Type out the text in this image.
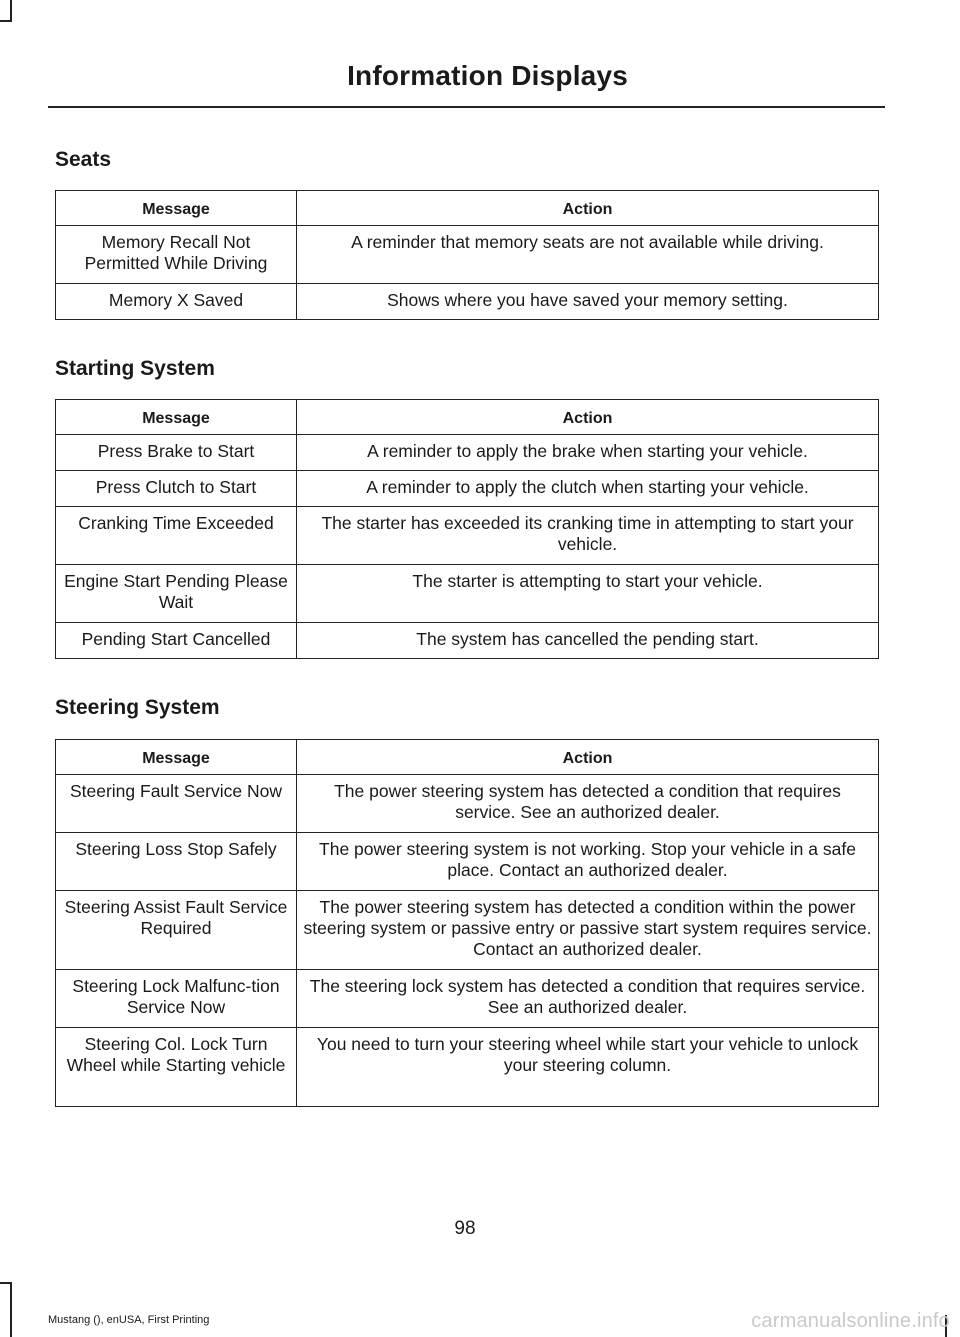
Information Displays
Seats
Message	Action
Memory Recall Not Permitted While Driving	A reminder that memory seats are not available while driving.
Memory X Saved	Shows where you have saved your memory setting.
Starting System
Message	Action
Press Brake to Start	A reminder to apply the brake when starting your vehicle.
Press Clutch to Start	A reminder to apply the clutch when starting your vehicle.
Cranking Time Exceeded	The starter has exceeded its cranking time in attempting to start your vehicle.
Engine Start Pending Please Wait	The starter is attempting to start your vehicle.
Pending Start Cancelled	The system has cancelled the pending start.
Steering System
Message	Action
Steering Fault Service Now	The power steering system has detected a condition that requires service. See an authorized dealer.
Steering Loss Stop Safely	The power steering system is not working. Stop your vehicle in a safe place. Contact an authorized dealer.
Steering Assist Fault Service Required	The power steering system has detected a condition within the power steering system or passive entry or passive start system requires service. Contact an authorized dealer.
Steering Lock Malfunc-tion Service Now	The steering lock system has detected a condition that requires service. See an authorized dealer.
Steering Col. Lock Turn Wheel while Starting vehicle	You need to turn your steering wheel while start your vehicle to unlock your steering column.
98
Mustang (), enUSA, First Printing	carmanualsonline.info
